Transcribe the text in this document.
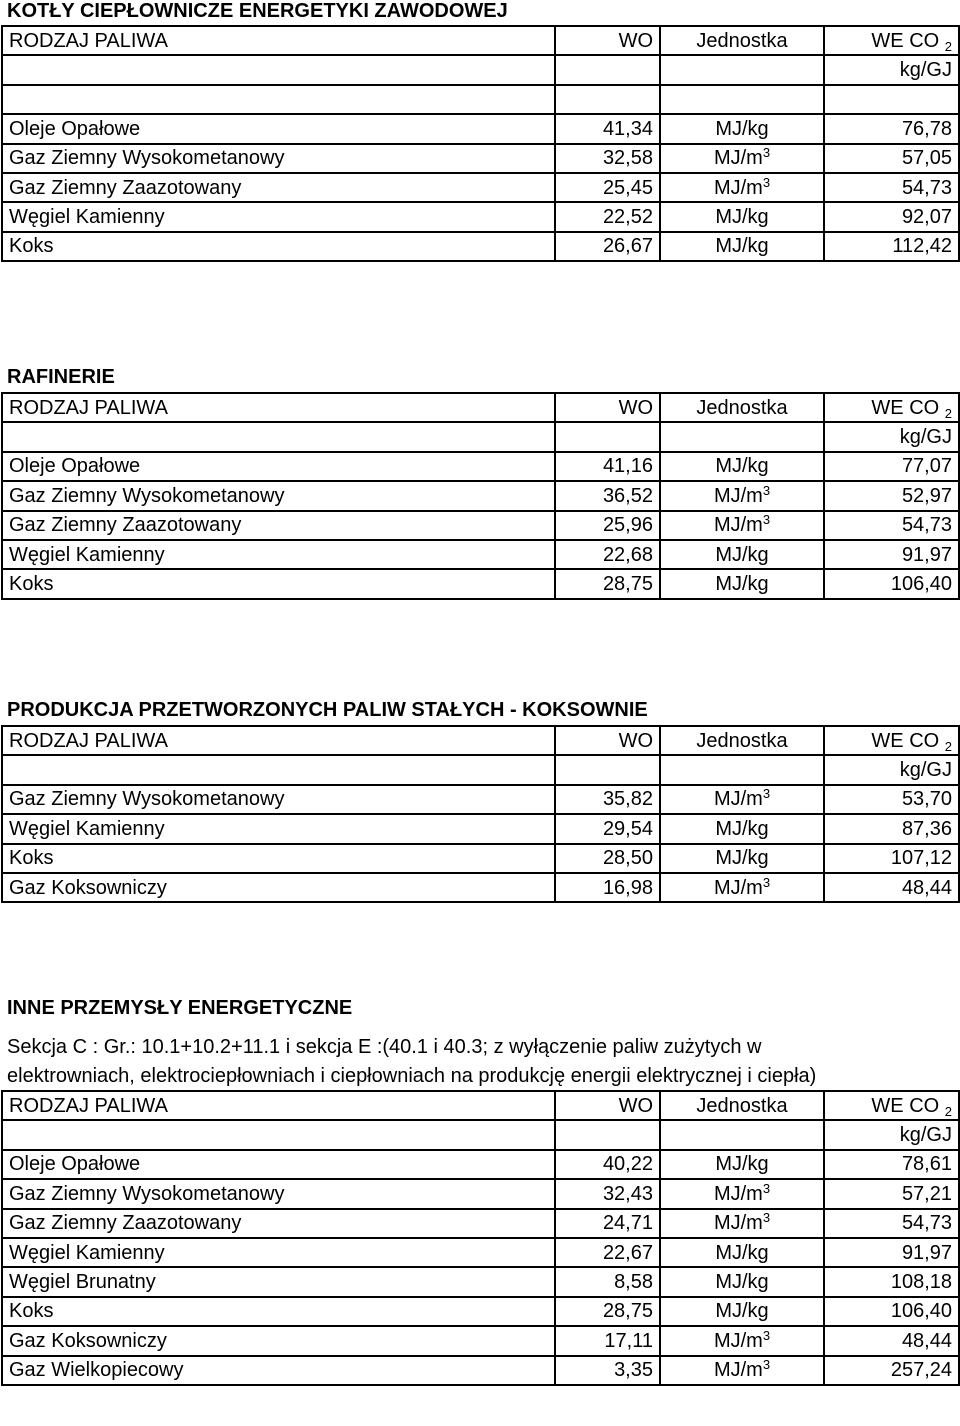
KOTŁY CIEPŁOWNICZE ENERGETYKI ZAWODOWEJ
RODZAJ PALIWA	WO	Jednostka	WE CO $_2$
			kg/GJ

Oleje Opałowe	41,34	MJ/kg	76,78
Gaz Ziemny Wysokometanowy	32,58	$MJ/m^3$	57,05
Gaz Ziemny Zaazotowany	25,45	$MJ/m^3$	54,73
Węgiel Kamienny	22,52	MJ/kg	92,07
Koks	26,67	MJ/kg	112,42
RAFINERIE
RODZAJ PALIWA	WO	Jednostka	WE CO $_2$
			kg/GJ
Oleje Opałowe	41,16	MJ/kg	77,07
Gaz Ziemny Wysokometanowy	36,52	$MJ/m^3$	52,97
Gaz Ziemny Zaazotowany	25,96	$MJ/m^3$	54,73
Węgiel Kamienny	22,68	MJ/kg	91,97
Koks	28,75	MJ/kg	106,40
PRODUKCJA PRZETWORZONYCH PALIW STAŁYCH - KOKSOWNIE
RODZAJ PALIWA	WO	Jednostka	WE CO $_2$
			kg/GJ
Gaz Ziemny Wysokometanowy	35,82	$MJ/m^3$	53,70
Węgiel Kamienny	29,54	MJ/kg	87,36
Koks	28,50	MJ/kg	107,12
Gaz Koksowniczy	16,98	$MJ/m^3$	48,44
INNE PRZEMYSŁY ENERGETYCZNE
Sekcja C : Gr.: 10.1+10.2+11.1 i sekcja E :(40.1 i 40.3; z wyłączenie paliw zużytych w
elektrowniach, elektrociepłowniach i ciepłowniach na produkcję energii elektrycznej i ciepła)
RODZAJ PALIWA	WO	Jednostka	WE CO $_2$
			kg/GJ
Oleje Opałowe	40,22	MJ/kg	78,61
Gaz Ziemny Wysokometanowy	32,43	$MJ/m^3$	57,21
Gaz Ziemny Zaazotowany	24,71	$MJ/m^3$	54,73
Węgiel Kamienny	22,67	MJ/kg	91,97
Węgiel Brunatny	8,58	MJ/kg	108,18
Koks	28,75	MJ/kg	106,40
Gaz Koksowniczy	17,11	$MJ/m^3$	48,44
Gaz Wielkopiecowy	3,35	$MJ/m^3$	257,24
